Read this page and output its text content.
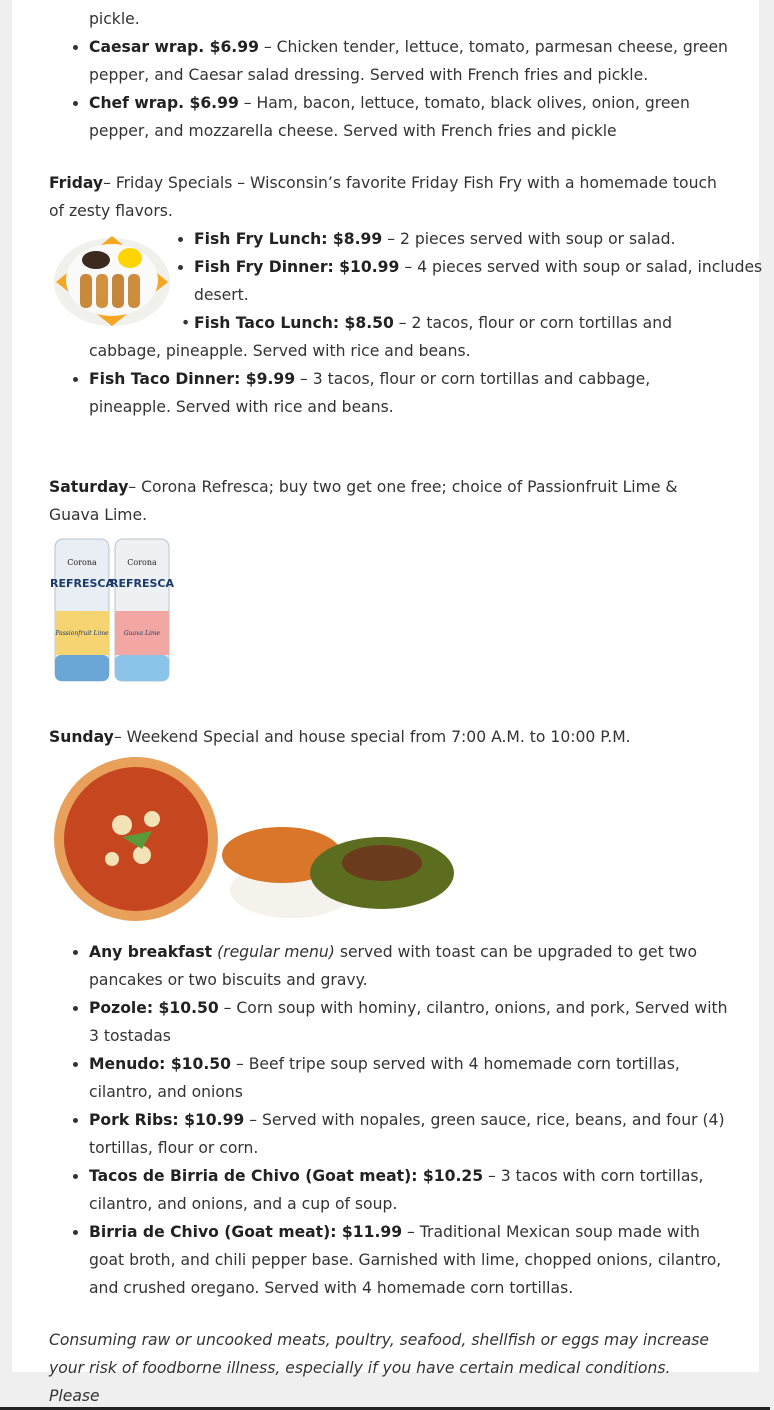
pickle.
• Caesar wrap. $6.99 – Chicken tender, lettuce, tomato, parmesan cheese, green pepper, and Caesar salad dressing. Served with French fries and pickle.
• Chef wrap. $6.99 – Ham, bacon, lettuce, tomato, black olives, onion, green pepper, and mozzarella cheese. Served with French fries and pickle

Friday– Friday Specials – Wisconsin’s favorite Friday Fish Fry with a homemade touch of zesty flavors.

• Fish Fry Lunch: $8.99 – 2 pieces served with soup or salad.
• Fish Fry Dinner: $10.99 – 4 pieces served with soup or salad, includes desert.
• Fish Taco Lunch: $8.50 – 2 tacos, flour or corn tortillas and cabbage, pineapple. Served with rice and beans.
• Fish Taco Dinner: $9.99 – 3 tacos, flour or corn tortillas and cabbage, pineapple. Served with rice and beans.

Saturday– Corona Refresca; buy two get one free; choice of Passionfruit Lime & Guava Lime.

Corona
REFRESCA
Passionfruit Lime
Corona
REFRESCA
Guava Lime

Sunday– Weekend Special and house special from 7:00 A.M. to 10:00 P.M.

• Any breakfast (regular menu) served with toast can be upgraded to get two pancakes or two biscuits and gravy.
• Pozole: $10.50 – Corn soup with hominy, cilantro, onions, and pork, Served with 3 tostadas
• Menudo: $10.50 – Beef tripe soup served with 4 homemade corn tortillas, cilantro, and onions
• Pork Ribs: $10.99 – Served with nopales, green sauce, rice, beans, and four (4) tortillas, flour or corn.
• Tacos de Birria de Chivo (Goat meat): $10.25 – 3 tacos with corn tortillas, cilantro, and onions, and a cup of soup.
• Birria de Chivo (Goat meat): $11.99 – Traditional Mexican soup made with goat broth, and chili pepper base. Garnished with lime, chopped onions, cilantro, and crushed oregano. Served with 4 homemade corn tortillas.

Consuming raw or uncooked meats, poultry, seafood, shellfish or eggs may increase your risk of foodborne illness, especially if you have certain medical conditions. Please
